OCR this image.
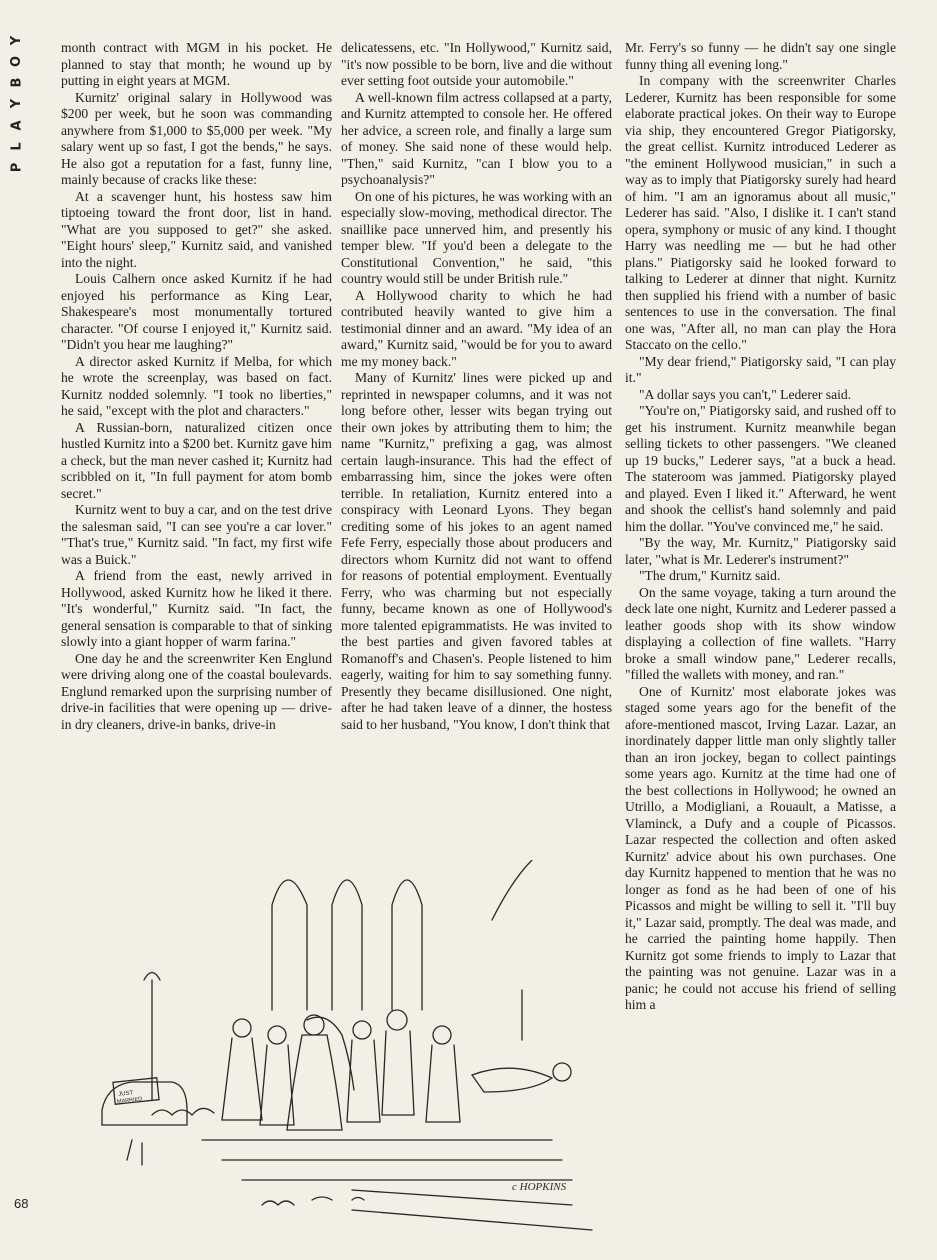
Y
O
B
Y
A
L
P

month contract with MGM in his pocket. He planned to stay that month; he wound up by putting in eight years at MGM.

Kurnitz' original salary in Hollywood was $200 per week, but he soon was commanding anywhere from $1,000 to $5,000 per week. "My salary went up so fast, I got the bends," he says. He also got a reputation for a fast, funny line, mainly because of cracks like these:

At a scavenger hunt, his hostess saw him tiptoeing toward the front door, list in hand. "What are you supposed to get?" she asked. "Eight hours' sleep," Kurnitz said, and vanished into the night.

Louis Calhern once asked Kurnitz if he had enjoyed his performance as King Lear, Shakespeare's most monumentally tortured character. "Of course I enjoyed it," Kurnitz said. "Didn't you hear me laughing?"

A director asked Kurnitz if Melba, for which he wrote the screenplay, was based on fact. Kurnitz nodded solemnly. "I took no liberties," he said, "except with the plot and characters."

A Russian-born, naturalized citizen once hustled Kurnitz into a $200 bet. Kurnitz gave him a check, but the man never cashed it; Kurnitz had scribbled on it, "In full payment for atom bomb secret."

Kurnitz went to buy a car, and on the test drive the salesman said, "I can see you're a car lover." "That's true," Kurnitz said. "In fact, my first wife was a Buick."

A friend from the east, newly arrived in Hollywood, asked Kurnitz how he liked it there. "It's wonderful," Kurnitz said. "In fact, the general sensation is comparable to that of sinking slowly into a giant hopper of warm farina."

One day he and the screenwriter Ken Englund were driving along one of the coastal boulevards. Englund remarked upon the surprising number of drive-in facilities that were opening up — drive-in dry cleaners, drive-in banks, drive-in

delicatessens, etc. "In Hollywood," Kurnitz said, "it's now possible to be born, live and die without ever setting foot outside your automobile."

A well-known film actress collapsed at a party, and Kurnitz attempted to console her. He offered her advice, a screen role, and finally a large sum of money. She said none of these would help. "Then," said Kurnitz, "can I blow you to a psychoanalysis?"

On one of his pictures, he was working with an especially slow-moving, methodical director. The snaillike pace unnerved him, and presently his temper blew. "If you'd been a delegate to the Constitutional Convention," he said, "this country would still be under British rule."

A Hollywood charity to which he had contributed heavily wanted to give him a testimonial dinner and an award. "My idea of an award," Kurnitz said, "would be for you to award me my money back."

Many of Kurnitz' lines were picked up and reprinted in newspaper columns, and it was not long before other, lesser wits began trying out their own jokes by attributing them to him; the name "Kurnitz," prefixing a gag, was almost certain laugh-insurance. This had the effect of embarrassing him, since the jokes were often terrible. In retaliation, Kurnitz entered into a conspiracy with Leonard Lyons. They began crediting some of his jokes to an agent named Fefe Ferry, especially those about producers and directors whom Kurnitz did not want to offend for reasons of potential employment. Eventually Ferry, who was charming but not especially funny, became known as one of Hollywood's more talented epigrammatists. He was invited to the best parties and given favored tables at Romanoff's and Chasen's. People listened to him eagerly, waiting for him to say something funny. Presently they became disillusioned. One night, after he had taken leave of a dinner, the hostess said to her husband, "You know, I don't think that

Mr. Ferry's so funny — he didn't say one single funny thing all evening long."

In company with the screenwriter Charles Lederer, Kurnitz has been responsible for some elaborate practical jokes. On their way to Europe via ship, they encountered Gregor Piatigorsky, the great cellist. Kurnitz introduced Lederer as "the eminent Hollywood musician," in such a way as to imply that Piatigorsky surely had heard of him. "I am an ignoramus about all music," Lederer has said. "Also, I dislike it. I can't stand opera, symphony or music of any kind. I thought Harry was needling me — but he had other plans." Piatigorsky said he looked forward to talking to Lederer at dinner that night. Kurnitz then supplied his friend with a number of basic sentences to use in the conversation. The final one was, "After all, no man can play the Hora Staccato on the cello."

"My dear friend," Piatigorsky said, "I can play it."

"A dollar says you can't," Lederer said.

"You're on," Piatigorsky said, and rushed off to get his instrument. Kurnitz meanwhile began selling tickets to other passengers. "We cleaned up 19 bucks," Lederer says, "at a buck a head. The stateroom was jammed. Piatigorsky played and played. Even I liked it." Afterward, he went and shook the cellist's hand solemnly and paid him the dollar. "You've convinced me," he said.

"By the way, Mr. Kurnitz," Piatigorsky said later, "what is Mr. Lederer's instrument?"

"The drum," Kurnitz said.

On the same voyage, taking a turn around the deck late one night, Kurnitz and Lederer passed a leather goods shop with its show window displaying a collection of fine wallets. "Harry broke a small window pane," Lederer recalls, "filled the wallets with money, and ran."

One of Kurnitz' most elaborate jokes was staged some years ago for the benefit of the afore-mentioned mascot, Irving Lazar. Lazar, an inordinately dapper little man only slightly taller than an iron jockey, began to collect paintings some years ago. Kurnitz at the time had one of the best collections in Hollywood; he owned an Utrillo, a Modigliani, a Rouault, a Matisse, a Vlaminck, a Dufy and a couple of Picassos. Lazar respected the collection and often asked Kurnitz' advice about his own purchases. One day Kurnitz happened to mention that he was no longer as fond as he had been of one of his Picassos and might be willing to sell it. "I'll buy it," Lazar said, promptly. The deal was made, and he carried the painting home happily. Then Kurnitz got some friends to imply to Lazar that the painting was not genuine. Lazar was in a panic; he could not accuse his friend of selling him a

JUST
MARRIED
c HOPKINS
68
